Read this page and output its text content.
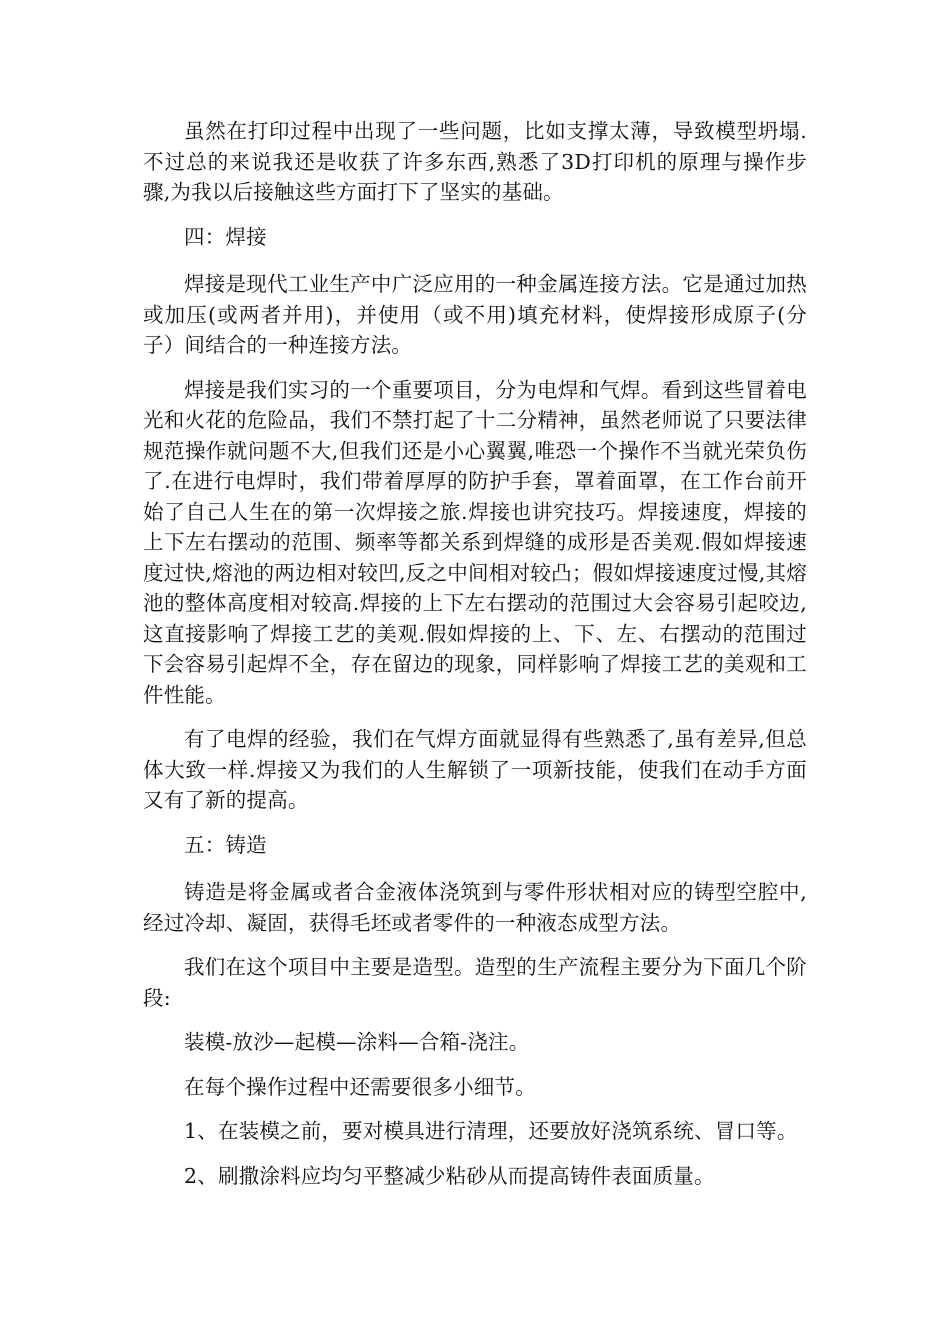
虽然在打印过程中出现了一些问题，比如支撑太薄，导致模型坍塌.不过总的来说我还是收获了许多东西,熟悉了3D打印机的原理与操作步骤,为我以后接触这些方面打下了坚实的基础。

四：焊接

焊接是现代工业生产中广泛应用的一种金属连接方法。它是通过加热或加压(或两者并用)，并使用（或不用)填充材料，使焊接形成原子(分子）间结合的一种连接方法。

焊接是我们实习的一个重要项目，分为电焊和气焊。看到这些冒着电光和火花的危险品，我们不禁打起了十二分精神，虽然老师说了只要法律规范操作就问题不大,但我们还是小心翼翼,唯恐一个操作不当就光荣负伤了.在进行电焊时，我们带着厚厚的防护手套，罩着面罩，在工作台前开始了自己人生在的第一次焊接之旅.焊接也讲究技巧。焊接速度，焊接的上下左右摆动的范围、频率等都关系到焊缝的成形是否美观.假如焊接速度过快,熔池的两边相对较凹,反之中间相对较凸；假如焊接速度过慢,其熔池的整体高度相对较高.焊接的上下左右摆动的范围过大会容易引起咬边,这直接影响了焊接工艺的美观.假如焊接的上、下、左、右摆动的范围过下会容易引起焊不全，存在留边的现象，同样影响了焊接工艺的美观和工件性能。

有了电焊的经验，我们在气焊方面就显得有些熟悉了,虽有差异,但总体大致一样.焊接又为我们的人生解锁了一项新技能，使我们在动手方面又有了新的提高。

五：铸造

铸造是将金属或者合金液体浇筑到与零件形状相对应的铸型空腔中,经过冷却、凝固，获得毛坯或者零件的一种液态成型方法。

我们在这个项目中主要是造型。造型的生产流程主要分为下面几个阶段:

装模-放沙—起模—涂料—合箱-浇注。

在每个操作过程中还需要很多小细节。

1、在装模之前，要对模具进行清理，还要放好浇筑系统、冒口等。

2、刷撒涂料应均匀平整减少粘砂从而提高铸件表面质量。
